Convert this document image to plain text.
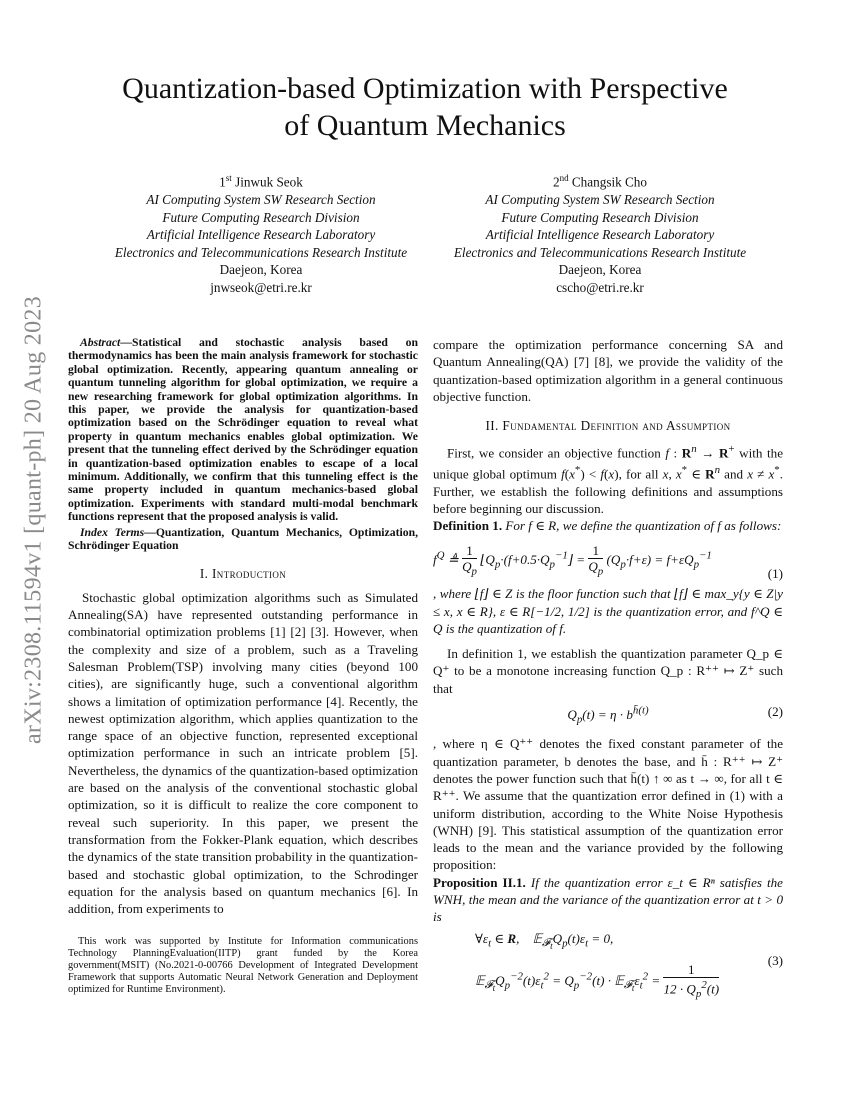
arXiv:2308.11594v1 [quant-ph] 20 Aug 2023
Quantization-based Optimization with Perspective
of Quantum Mechanics
1st Jinwuk Seok
AI Computing System SW Research Section
Future Computing Research Division
Artificial Intelligence Research Laboratory
Electronics and Telecommunications Research Institute
Daejeon, Korea
jnwseok@etri.re.kr
2nd Changsik Cho
AI Computing System SW Research Section
Future Computing Research Division
Artificial Intelligence Research Laboratory
Electronics and Telecommunications Research Institute
Daejeon, Korea
cscho@etri.re.kr

Abstract—Statistical and stochastic analysis based on thermodynamics has been the main analysis framework for stochastic global optimization. Recently, appearing quantum annealing or quantum tunneling algorithm for global optimization, we require a new researching framework for global optimization algorithms. In this paper, we provide the analysis for quantization-based optimization based on the Schrödinger equation to reveal what property in quantum mechanics enables global optimization. We present that the tunneling effect derived by the Schrödinger equation in quantization-based optimization enables to escape of a local minimum. Additionally, we confirm that this tunneling effect is the same property included in quantum mechanics-based global optimization. Experiments with standard multi-modal benchmark functions represent that the proposed analysis is valid.

Index Terms—Quantization, Quantum Mechanics, Optimization, Schrödinger Equation

I. Introduction

Stochastic global optimization algorithms such as Simulated Annealing(SA) have represented outstanding performance in combinatorial optimization problems [1] [2] [3]. However, when the complexity and size of a problem, such as a Traveling Salesman Problem(TSP) involving many cities (beyond 100 cities), are significantly huge, such a conventional algorithm shows a limitation of optimization performance [4]. Recently, the newest optimization algorithm, which applies quantization to the range space of an objective function, represented exceptional optimization performance in such an intricate problem [5]. Nevertheless, the dynamics of the quantization-based optimization are based on the analysis of the conventional stochastic global optimization, so it is difficult to realize the core component to reveal such superiority. In this paper, we present the transformation from the Fokker-Plank equation, which describes the dynamics of the state transition probability in the quantization-based and stochastic global optimization, to the Schrodinger equation for the analysis based on quantum mechanics [6]. In addition, from experiments to

This work was supported by Institute for Information communications Technology PlanningEvaluation(IITP) grant funded by the Korea government(MSIT) (No.2021-0-00766 Development of Integrated Development Framework that supports Automatic Neural Network Generation and Deployment optimized for Runtime Environment).

compare the optimization performance concerning SA and Quantum Annealing(QA) [7] [8], we provide the validity of the quantization-based optimization algorithm in a general continuous objective function.

II. Fundamental Definition and Assumption

First, we consider an objective function f : $R^n \to R^+$ with the unique global optimum f(x*) < f(x), for all x, x* ∈ $R^n$ and x ≠ x*. Further, we establish the following definitions and assumptions before beginning our discussion.

Definition 1. For f ∈ R, we define the quantization of f as follows:

$f^Q$ ≜ $\frac{1}{Q_p}$ $⌊Q_p\cdot(f+0.5\cdot Q_p^{-1}⌋ = \frac{1}{Q_p} (Q_p\cdot f+\varepsilon) = f+\varepsilon Q_p^{-1}$
(1)

, where ⌊f⌋ ∈ Z is the floor function such that ⌊f⌋ ∈ max_y{y ∈ Z|y ≤ x, x ∈ R}, ε ∈ R[−1/2, 1/2] is the quantization error, and f^Q ∈ Q is the quantization of f.

In definition 1, we establish the quantization parameter Q_p ∈ Q⁺ to be a monotone increasing function Q_p : R⁺⁺ ↦ Z⁺ such that

$Q_p(t) = \eta \cdot b^{h̄(t)}$	(2)

, where η ∈ Q⁺⁺ denotes the fixed constant parameter of the quantization parameter, b denotes the base, and h̄ : R⁺⁺ ↦ Z⁺ denotes the power function such that h̄(t) ↑ ∞ as t → ∞, for all t ∈ R⁺⁺. We assume that the quantization error defined in (1) with a uniform distribution, according to the White Noise Hypothesis (WNH) [9]. This statistical assumption of the quantization error leads to the mean and the variance provided by the following proposition:

Proposition II.1. If the quantization error ε_t ∈ Rⁿ satisfies the WNH, the mean and the variance of the quantization error at t > 0 is

$\forall\varepsilon_t$ ∈ R,    $𝔼_{𝓕_t}Q_p(t)\varepsilon_t = 0$,
$𝔼_{𝓕_t}Q_p^{-2}(t)\varepsilon_t^2 = Q_p^{-2}(t)$ · $𝔼_{𝓕_t}\varepsilon_t^2 = \frac{1}{12 \cdot Q_p^2(t)}$
(3)
